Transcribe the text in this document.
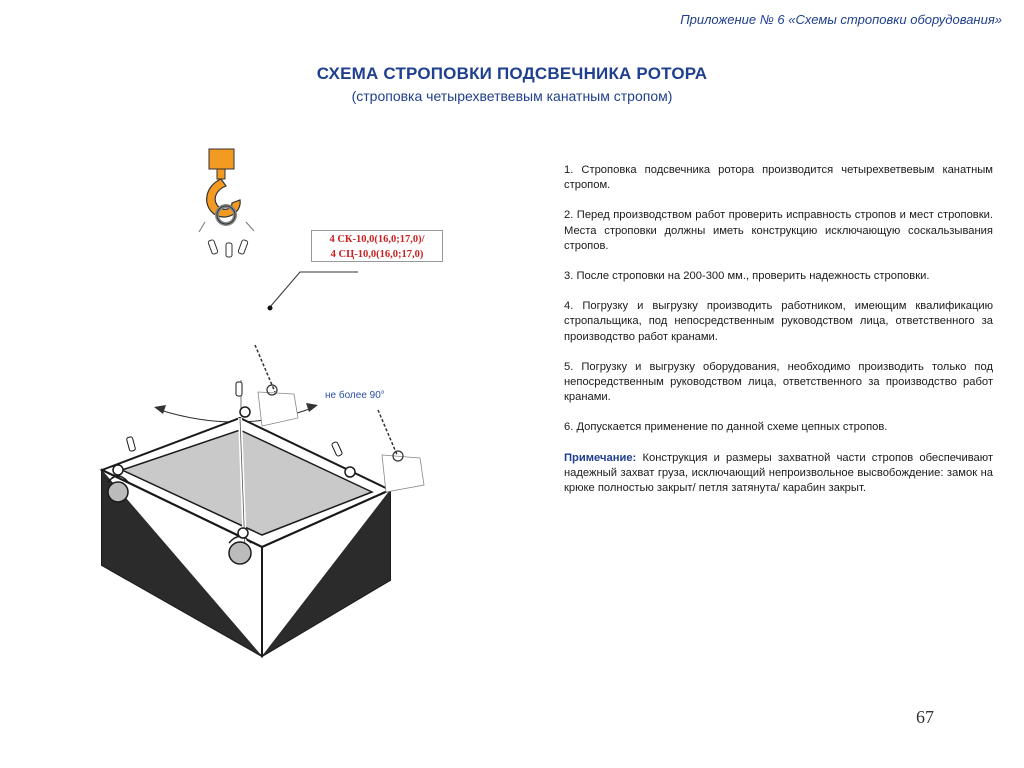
Приложение № 6 «Схемы строповки оборудования»
СХЕМА СТРОПОВКИ ПОДСВЕЧНИКА РОТОРА
(строповка четырехветвевым канатным стропом)
4 СК-10,0(16,0;17,0)/
4 СЦ-10,0(16,0;17,0)
не более 90°

1. Строповка подсвечника ротора производится четырехветвевым канатным стропом.

2. Перед производством работ проверить исправность стропов и мест строповки. Места строповки должны иметь конструкцию исключающую соскальзывания стропов.

3. После строповки на 200-300 мм., проверить надежность строповки.

4. Погрузку и выгрузку производить работником, имеющим квалификацию стропальщика, под непосредственным руководством лица, ответственного за производство работ кранами.

5. Погрузку и выгрузку оборудования, необходимо производить только под непосредственным руководством лица, ответственного за производство работ кранами.

6. Допускается применение по данной схеме цепных стропов.

Примечание: Конструкция и размеры захватной части стропов обеспечивают надежный захват груза, исключающий непроизвольное высвобождение: замок на крюке полностью закрыт/ петля затянута/ карабин закрыт.

67
